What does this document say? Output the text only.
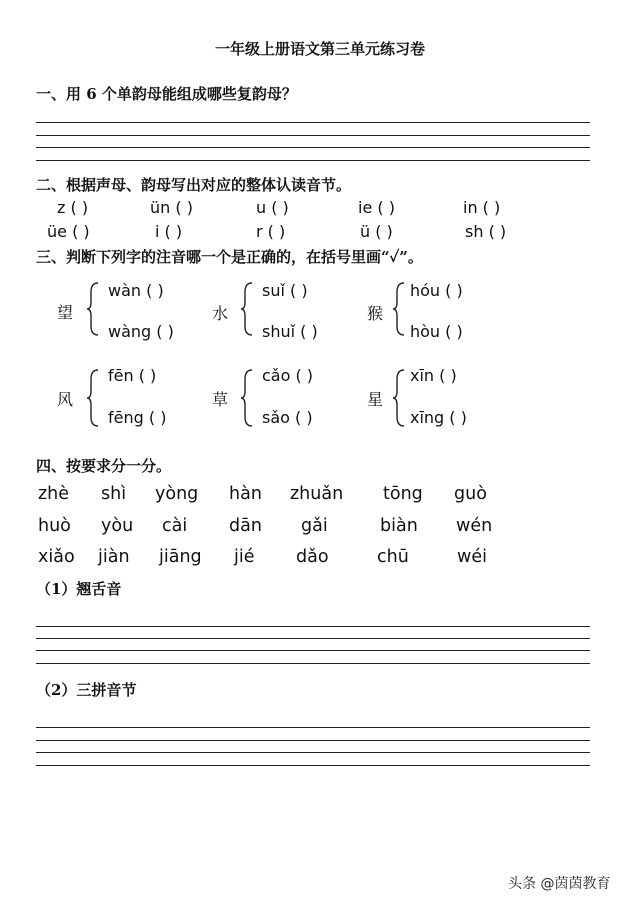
一年级上册语文第三单元练习卷
一、用 6 个单韵母能组成哪些复韵母？
二、根据声母、韵母写出对应的整体认读音节。
z ( )	ün ( )	u ( )	ie ( )	in ( )
üe ( )	i ( )	r ( )	ü ( )	sh ( )
三、判断下列字的注音哪一个是正确的，在括号里画“✓”。
望
wàn ( )
wàng ( )
水
suǐ ( )
shuǐ ( )
猴
hóu ( )
hòu ( )
风
fēn ( )
fēng ( )
草
cǎo ( )
sǎo ( )
星
xīn ( )
xīng ( )
四、按要求分一分。
zhè shì yòng hàn zhuǎn tōng guò
huò yòu cài dān gǎi	biàn wén
xiǎo jiàn jiāng jié dǎo	chū	wéi
（1）翘舌音
（2）三拼音节
头条 @茵茵教育
